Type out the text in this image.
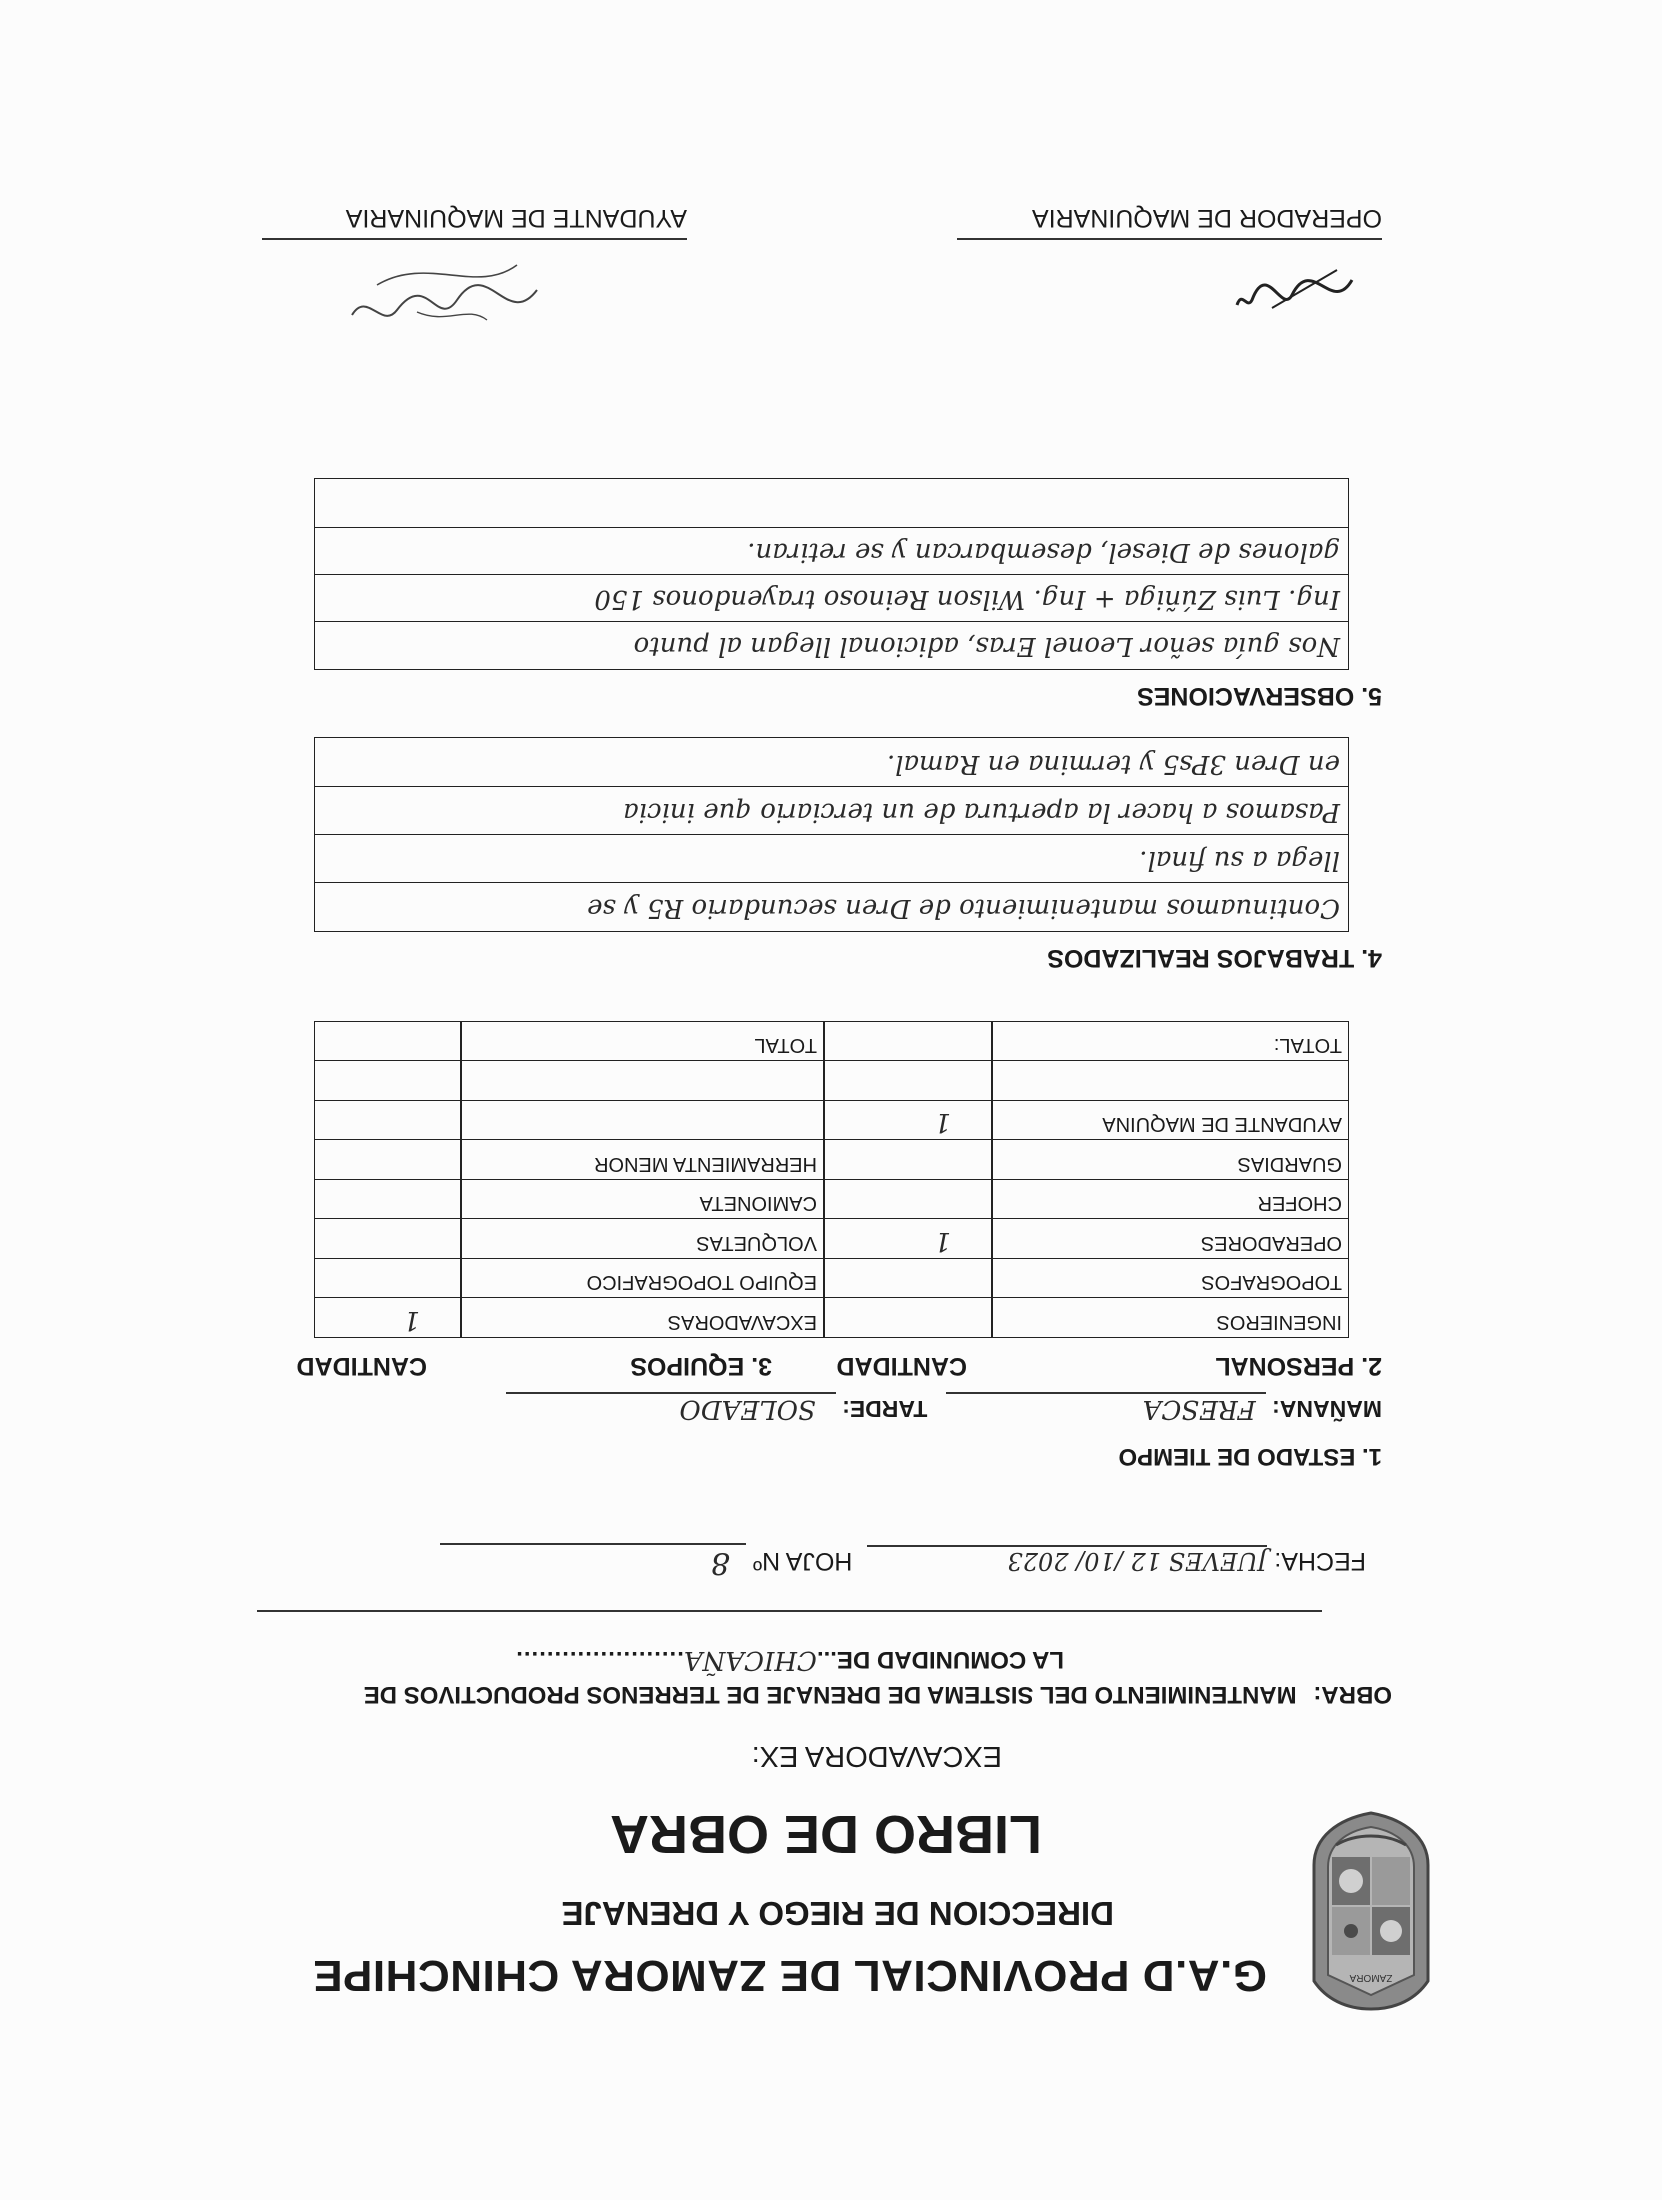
ZAMORA
G.A.D PROVINCIAL DE ZAMORA CHINCHIPE
DIRECCION DE RIEGO Y DRENAJE
LIBRO DE OBRA
EXCAVADORA EX:
OBRA: MANTENIMIENTO DEL SISTEMA DE DRENAJE DE TERRENOS PRODUCTIVOS DE
LA COMUNIDAD DE...CHICAÑA......................
FECHA: JUEVES 12 /10/ 2023 HOJA Nº 8
1. ESTADO DE TIEMPO
MAÑANA: FRESCA TARDE: SOLEADO
2. PERSONAL
CANTIDAD
3. EQUIPOS
CANTIDAD
INGENIEROS
EXCAVADORAS
1
TOPOGRAFOS
EQUIPO TOPOGRAFICO
OPERADORES
1
VOLQUETAS
CHOFER
CAMIONETA
GUARDIAS
HERRAMIENTA MENOR
AYUDANTE DE MAQUINA
1
TOTAL:
TOTAL
4. TRABAJOS REALIZADOS
Continuamos mantenimiento de Dren secundario R5 y se
llega a su final.
Pasamos a hacer la apertura de un terciario que inicia
en Dren 3Ps5 y termina en Ramal.
5. OBSERVACIONES
Nos guía señor Leonel Eras, adicional llegan al punto
Ing. Luis Zúñiga + Ing. Wilson Reinoso trayendonos 150
galones de Diesel, desembarcan y se retiran.
OPERADOR DE MAQUINARIA
AYUDANTE DE MAQUINARIA
